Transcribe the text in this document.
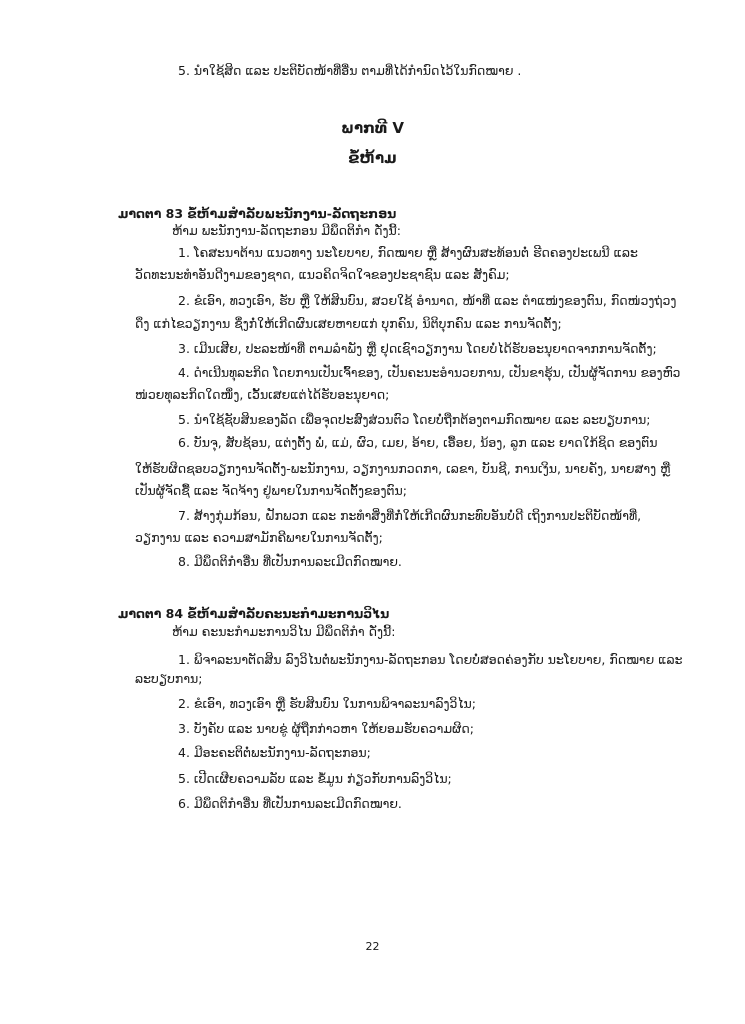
5. ນໍາໃຊ້ສິດ ແລະ ປະຕິບັດໜ້າທີ່ອື່ນ ຕາມທີ່ໄດ້ກໍານົດໄວ້ໃນກົດໝາຍ .
ພາກທີ V
ຂໍ້ຫ້າມ
ມາດຕາ 83 ຂໍ້ຫ້າມສໍາລັບພະນັກງານ-ລັດຖະກອນ
ຫ້າມ ພະນັກງານ-ລັດຖະກອນ ມີພຶດຕິກໍາ ດັ່ງນີ້:
1. ໂຄສະນາຕ້ານ ແນວທາງ ນະໂຍບາຍ, ກົດໝາຍ ຫຼື ສ້າງຜົນສະທ້ອນຕໍ່ ຮີດຄອງປະເພນີ ແລະ
ວັດທະນະທໍາອັນດີງາມຂອງຊາດ, ແນວຄິດຈິດໃຈຂອງປະຊາຊົນ ແລະ ສັງຄົມ;
2. ຂໍເອົາ, ທວງເອົາ, ຮັບ ຫຼື ໃຫ້ສິນບົນ, ສວຍໃຊ້ ອໍານາດ, ໜ້າທີ່ ແລະ ຕໍາແໜ່ງຂອງຕົນ, ກົດໜ່ວງຖ່ວງ
ດຶງ ແກ່ໄຂວຽກງານ ຊຶ່ງກໍ່ໃຫ້ເກີດຜົນເສຍຫາຍແກ່ ບຸກຄົນ, ນິຕິບຸກຄົນ ແລະ ການຈັດຕັ້ງ;
3. ເມີນເສີຍ, ປະລະໜ້າທີ່ ຕາມລໍາພັງ ຫຼື ຢຸດເຊົາວຽກງານ ໂດຍບໍ່ໄດ້ຮັບອະນຸຍາດຈາກການຈັດຕັ້ງ;
4. ດໍາເນີນທຸລະກິດ ໂດຍການເປັນເຈົ້າຂອງ, ເປັນຄະນະອໍານວຍການ, ເປັນຂາຮຸ້ນ, ເປັນຜູ້ຈັດການ ຂອງຫົວ
ໜ່ວຍທຸລະກິດໃດໜຶ່ງ, ເວັ້ນເສຍແຕ່ໄດ້ຮັບອະນຸຍາດ;
5. ນໍາໃຊ້ຊັບສິນຂອງລັດ ເພື່ອຈຸດປະສົງສ່ວນຕົວ ໂດຍບໍ່ຖືກຕ້ອງຕາມກົດໝາຍ ແລະ ລະບຽບການ;
6. ບັນຈຸ, ສັບຊ້ອນ, ແຕ່ງຕັ້ງ ພໍ່, ແມ່, ຜົວ, ເມຍ, ອ້າຍ, ເອື້ອຍ, ນ້ອງ, ລູກ ແລະ ຍາດໃກ້ຊິດ ຂອງຕົນ
ໃຫ້ຮັບຜິດຊອບວຽກງານຈັດຕັ້ງ-ພະນັກງານ, ວຽກງານກວດກາ, ເລຂາ, ບັນຊີ, ການເງິນ, ນາຍຄັງ, ນາຍສາງ ຫຼື
ເປັນຜູ້ຈັດຊື້ ແລະ ຈັດຈ້າງ ຢູ່ພາຍໃນການຈັດຕັ້ງຂອງຕົນ;
7. ສ້າງກຸ່ມກ້ອນ, ຝັກພວກ ແລະ ກະທໍາສິ່ງທີ່ກໍ່ໃຫ້ເກີດຜົນກະທົບອັນບໍ່ດີ ເຖິງການປະຕິບັດໜ້າທີ່,
ວຽກງານ ແລະ ຄວາມສາມັກຄີພາຍໃນການຈັດຕັ້ງ;
8. ມີພຶດຕິກໍາອື່ນ ທີ່ເປັນການລະເມີດກົດໝາຍ.
ມາດຕາ 84 ຂໍ້ຫ້າມສໍາລັບຄະນະກໍາມະການວິໄນ
ຫ້າມ ຄະນະກໍາມະການວິໄນ ມີພຶດຕິກໍາ ດັ່ງນີ້:
1. ພິຈາລະນາຕັດສິນ ລົງວິໄນຕໍ່ພະນັກງານ-ລັດຖະກອນ ໂດຍບໍ່ສອດຄ່ອງກັບ ນະໂຍບາຍ, ກົດໝາຍ ແລະ
ລະບຽບການ;
2. ຂໍເອົາ, ທວງເອົາ ຫຼື ຮັບສິນບົນ ໃນການພິຈາລະນາລົງວິໄນ;
3. ບັງຄັບ ແລະ ນາບຂູ່ ຜູ້ຖືກກ່າວຫາ ໃຫ້ຍອມຮັບຄວາມຜິດ;
4. ມີອະຄະຕິຕໍ່ພະນັກງານ-ລັດຖະກອນ;
5. ເປີດເຜີຍຄວາມລັບ ແລະ ຂໍ້ມູນ ກ່ຽວກັບການລົງວິໄນ;
6. ມີພຶດຕິກໍາອື່ນ ທີ່ເປັນການລະເມີດກົດໝາຍ.
22
